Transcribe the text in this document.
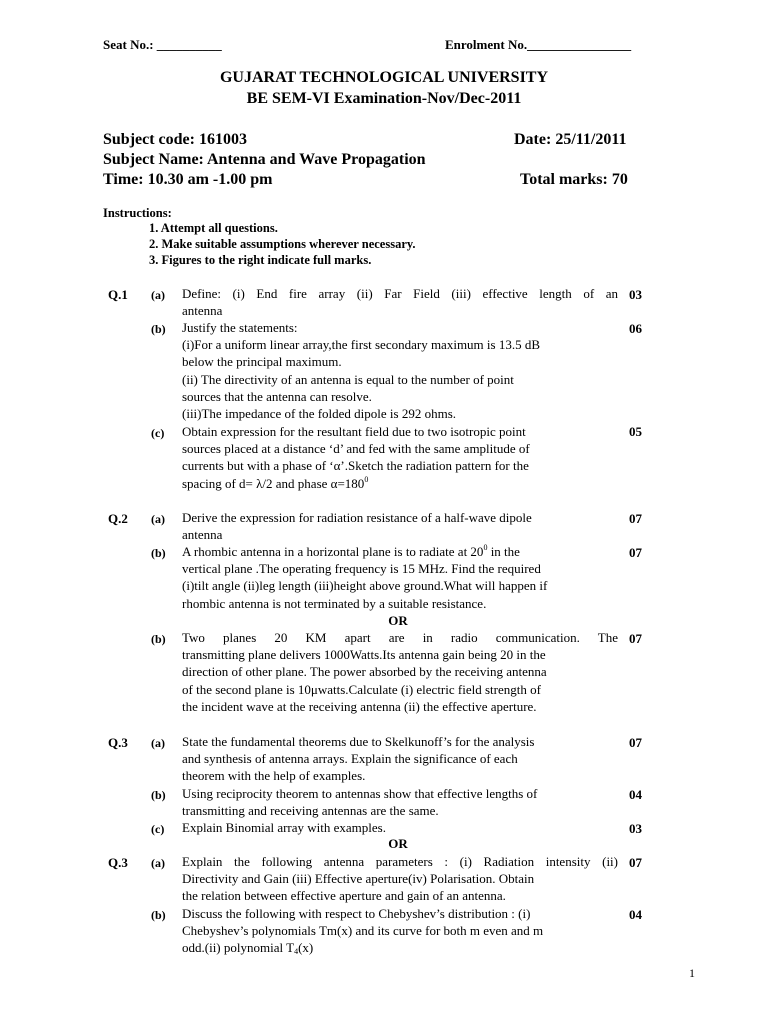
Seat No.: __________	Enrolment No.________________
GUJARAT TECHNOLOGICAL UNIVERSITY
BE SEM-VI Examination-Nov/Dec-2011
Subject code: 161003	Date: 25/11/2011
Subject Name: Antenna and Wave Propagation
Time: 10.30 am -1.00 pm	Total marks: 70
Instructions:
1. Attempt all questions.
2. Make suitable assumptions wherever necessary.
3. Figures to the right indicate full marks.
Q.1 (a) Define: (i) End fire array (ii) Far Field (iii) effective length of an
antenna
03
(b) Justify the statements:
(i)For a uniform linear array,the first secondary maximum is 13.5 dB
below the principal maximum.
(ii) The directivity of an antenna is equal to the number of point
sources that the antenna can resolve.
(iii)The impedance of the folded dipole is 292 ohms.
06
(c) Obtain expression for the resultant field due to two isotropic point
sources placed at a distance ‘d’ and fed with the same amplitude of
currents but with a phase of ‘α’.Sketch the radiation pattern for the
spacing of d= λ/2 and phase $\alpha=180^0$
05
Q.2 (a) Derive the expression for radiation resistance of a half-wave dipole
antenna
07
(b) A rhombic antenna in a horizontal plane is to radiate at $20^0$ in the
vertical plane .The operating frequency is 15 MHz. Find the required
(i)tilt angle (ii)leg length (iii)height above ground.What will happen if
rhombic antenna is not terminated by a suitable resistance.
07
OR
(b) Two planes 20 KM apart are in radio communication. The
transmitting plane delivers 1000Watts.Its antenna gain being 20 in the
direction of other plane. The power absorbed by the receiving antenna
of the second plane is 10μwatts.Calculate (i) electric field strength of
the incident wave at the receiving antenna (ii) the effective aperture.
07
Q.3 (a) State the fundamental theorems due to Skelkunoff’s for the analysis
and synthesis of antenna arrays. Explain the significance of each
theorem with the help of examples.
07
(b) Using reciprocity theorem to antennas show that effective lengths of
transmitting and receiving antennas are the same.
04
(c) Explain Binomial array with examples.	03
OR
Q.3 (a) Explain the following antenna parameters : (i) Radiation intensity (ii)
Directivity and Gain (iii) Effective aperture(iv) Polarisation. Obtain
the relation between effective aperture and gain of an antenna.
07
(b) Discuss the following with respect to Chebyshev’s distribution : (i)
Chebyshev’s polynomials Tm(x) and its curve for both m even and m
odd.(ii) polynomial $T_4(x)$
04
1
